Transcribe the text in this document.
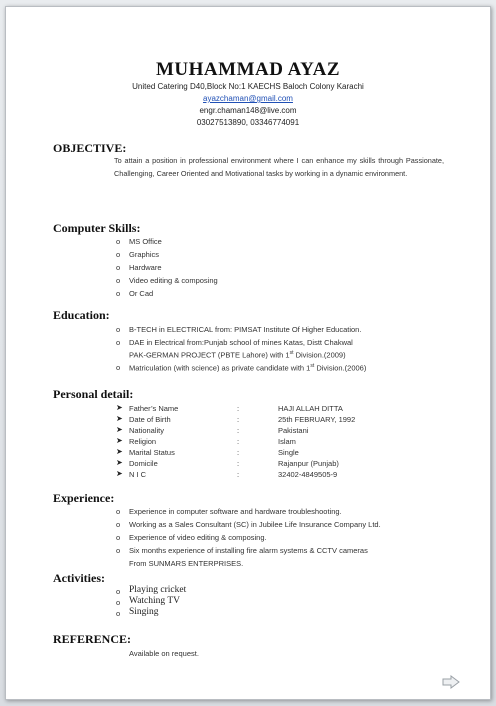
MUHAMMAD AYAZ
United Catering D40,Block No:1 KAECHS Baloch Colony Karachi
ayazchaman@gmail.com
engr.chaman148@live.com
03027513890, 03346774091
OBJECTIVE:
To attain a position in professional environment where I can enhance my skills through Passionate, Challenging, Career Oriented and Motivational tasks by working in a dynamic environment.
Computer Skills:
o MS Office
o Graphics
o Hardware
o Video editing & composing
o Or Cad
Education:
o B-TECH in ELECTRICAL from: PIMSAT Institute Of Higher Education.
o DAE in Electrical from:Punjab school of mines Katas, Distt Chakwal
PAK-GERMAN PROJECT (PBTE Lahore) with 1st Division.(2009)
o Matriculation (with science) as private candidate with 1st Division.(2006)
Personal detail:
➤ Father’s Name	:	HAJI ALLAH DITTA
➤ Date of Birth	:	25th FEBRUARY, 1992
➤ Nationality	:	Pakistani
➤ Religion	:	Islam
➤ Marital Status	:	Single
➤ Domicile	:	Rajanpur (Punjab)
➤ N I C	:	32402-4849505-9
Experience:
o Experience in computer software and hardware troubleshooting.
o Working as a Sales Consultant (SC) in Jubilee Life Insurance Company Ltd.
o Experience of video editing & composing.
o Six months experience of installing fire alarm systems & CCTV cameras
From SUNMARS ENTERPRISES.
Activities:
o Playing cricket
o Watching TV
o Singing
REFERENCE:
Available on request.
